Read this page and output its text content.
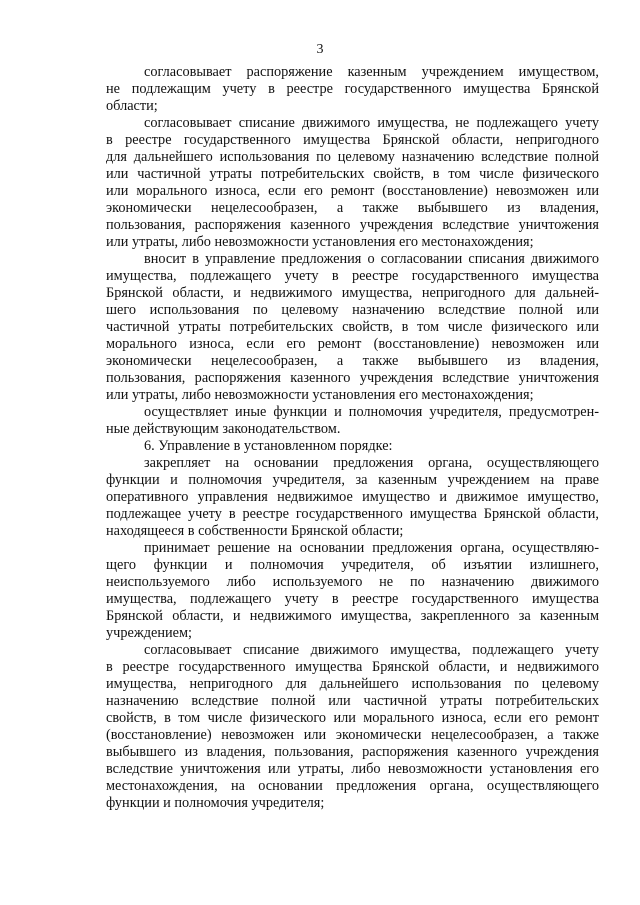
3
согласовывает распоряжение казенным учреждением имуществом,
не подлежащим учету в реестре государственного имущества Брянской
области;
согласовывает списание движимого имущества, не подлежащего учету
в реестре государственного имущества Брянской области, непригодного
для дальнейшего использования по целевому назначению вследствие полной
или частичной утраты потребительских свойств, в том числе физического
или морального износа, если его ремонт (восстановление) невозможен или
экономически нецелесообразен, а также выбывшего из владения,
пользования, распоряжения казенного учреждения вследствие уничтожения
или утраты, либо невозможности установления его местонахождения;
вносит в управление предложения о согласовании списания движимого
имущества, подлежащего учету в реестре государственного имущества
Брянской области, и недвижимого имущества, непригодного для дальней-
шего использования по целевому назначению вследствие полной или
частичной утраты потребительских свойств, в том числе физического или
морального износа, если его ремонт (восстановление) невозможен или
экономически нецелесообразен, а также выбывшего из владения,
пользования, распоряжения казенного учреждения вследствие уничтожения
или утраты, либо невозможности установления его местонахождения;
осуществляет иные функции и полномочия учредителя, предусмотрен-
ные действующим законодательством.
6. Управление в установленном порядке:
закрепляет на основании предложения органа, осуществляющего
функции и полномочия учредителя, за казенным учреждением на праве
оперативного управления недвижимое имущество и движимое имущество,
подлежащее учету в реестре государственного имущества Брянской области,
находящееся в собственности Брянской области;
принимает решение на основании предложения органа, осуществляю-
щего функции и полномочия учредителя, об изъятии излишнего,
неиспользуемого либо используемого не по назначению движимого
имущества, подлежащего учету в реестре государственного имущества
Брянской области, и недвижимого имущества, закрепленного за казенным
учреждением;
согласовывает списание движимого имущества, подлежащего учету
в реестре государственного имущества Брянской области, и недвижимого
имущества, непригодного для дальнейшего использования по целевому
назначению вследствие полной или частичной утраты потребительских
свойств, в том числе физического или морального износа, если его ремонт
(восстановление) невозможен или экономически нецелесообразен, а также
выбывшего из владения, пользования, распоряжения казенного учреждения
вследствие уничтожения или утраты, либо невозможности установления его
местонахождения, на основании предложения органа, осуществляющего
функции и полномочия учредителя;
